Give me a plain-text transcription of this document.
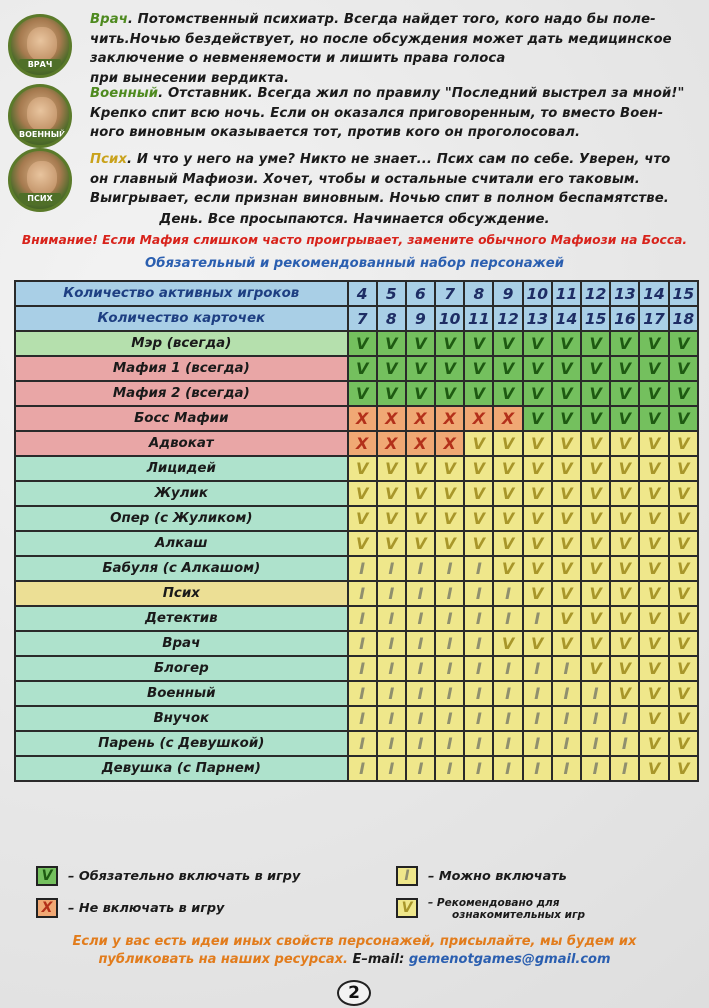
ВРАЧ
Врач. Потомственный психиатр. Всегда найдет того, кого надо бы поле-
чить.Ночью бездействует, но после обсуждения может дать медицинское
заключение о невменяемости и лишить права голоса
при вынесении вердикта.
ВОЕННЫЙ
Военный. Отставник. Всегда жил по правилу "Последний выстрел за мной!"
Крепко спит всю ночь. Если он оказался приговоренным, то вместо Воен-
ного виновным оказывается тот, против кого он проголосовал.
ПСИХ
Псих. И что у него на уме? Никто не знает... Псих сам по себе. Уверен, что
он главный Мафиози. Хочет, чтобы и остальные считали его таковым.
Выигрывает, если признан виновным. Ночью спит в полном беспамятстве.
День. Все просыпаются. Начинается обсуждение.
Внимание! Если Мафия слишком часто проигрывает, замените обычного Мафиози на Босса.
Обязательный и рекомендованный набор персонажей
Количество активных игроков	4	5	6	7	8	9	10	11	12	13	14	15
Количество карточек	7	8	9	10	11	12	13	14	15	16	17	18
Мэр (всегда)	V	V	V	V	V	V	V	V	V	V	V	V
Мафия 1 (всегда)	V	V	V	V	V	V	V	V	V	V	V	V
Мафия 2 (всегда)	V	V	V	V	V	V	V	V	V	V	V	V
Босс Мафии	X	X	X	X	X	X	V	V	V	V	V	V
Адвокат	X	X	X	X	V	V	V	V	V	V	V	V
Лицидей	V	V	V	V	V	V	V	V	V	V	V	V
Жулик	V	V	V	V	V	V	V	V	V	V	V	V
Опер (с Жуликом)	V	V	V	V	V	V	V	V	V	V	V	V
Алкаш	V	V	V	V	V	V	V	V	V	V	V	V
Бабуля (с Алкашом)	I	I	I	I	I	V	V	V	V	V	V	V
Псих	I	I	I	I	I	I	V	V	V	V	V	V
Детектив	I	I	I	I	I	I	I	V	V	V	V	V
Врач	I	I	I	I	I	V	V	V	V	V	V	V
Блогер	I	I	I	I	I	I	I	I	V	V	V	V
Военный	I	I	I	I	I	I	I	I	I	V	V	V
Внучок	I	I	I	I	I	I	I	I	I	I	V	V
Парень (с Девушкой)	I	I	I	I	I	I	I	I	I	I	V	V
Девушка (с Парнем)	I	I	I	I	I	I	I	I	I	I	V	V
V	– Обязательно включать в игру
X	– Не включать в игру
I	– Можно включать
V	– Рекомендовано для
ознакомительных игр
Если у вас есть идеи иных свойств персонажей, присылайте, мы будем их
публиковать на наших ресурсах. E–mail: gemenotgames@gmail.com
2
